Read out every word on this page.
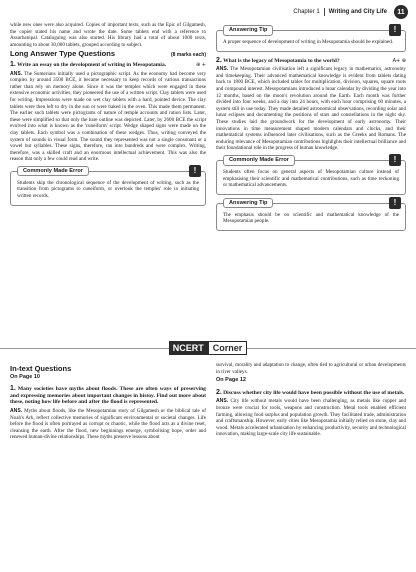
Chapter 1 Writing and City Life	11

while new ones were also acquired. Copies of important texts, such as the Epic of Gilgamesh, the copier stated his name and wrote the date. Some tablets end with a reference to Assurbanipal. Cataloguing was also started. His library had a total of about 1000 texts, amounting to about 30,000 tablets, grouped according to subject.

Long Answer Type Questions	(8 marks each)

⊕ +
1. Write an essay on the development of writing in Mesopotamia.

ANS. The Sumerians initially used a pictographic script. As the economy had become very complex by around 3500 BCE, it became necessary to keep records of various transactions rather than rely on memory alone. Since it was the temples which were engaged in these extensive economic activities, they pioneered the use of a written script. Clay tablets were used for writing. Impressions were made on wet clay tablets with a hard, pointed device. The clay tablets were then left to dry in the sun or were baked in the oven. This made them permanent. The earlier such tablets were pictograms of nature of temple accounts and ration lists. Later, these were simplified so that only the bare outline was depicted. Later, by 2600 BCE the script evolved into what is known as the 'cuneiform' script. Wedge shaped signs were made on the clay tablets. Each symbol was a combination of these wedges. Thus, writing conveyed the system of sounds in visual form. The sound they represented was not a single consonant or a vowel but syllables. These signs, therefore, ran into hundreds and were complex. Writing, therefore, was a skilled craft and an enormous intellectual achievement. This was also the reason that only a few could read and write.

Commonly Made Error	!
Students skip the chronological sequence of the development of writing, such as the transition from pictograms to cuneiform, or overlook the temples' role in initiating written records.
Answering Tip	!
A proper sequence of development of writing in Mesopotamia should be explained.

A+ ⊕
2. What is the legacy of Mesopotamia to the world?

ANS. The Mesopotamian civilisation left a significant legacy in mathematics, astronomy and timekeeping. Their advanced mathematical knowledge is evident from tablets dating back to 1800 BCE, which included tables for multiplication, division, squares, square roots and compound interest. Mesopotamians introduced a lunar calendar by dividing the year into 12 months, based on the moon's revolution around the Earth. Each month was further divided into four weeks, and a day into 24 hours, with each hour comprising 60 minutes, a system still in use today. They made detailed astronomical observations, recording solar and lunar eclipses and documenting the positions of stars and constellations in the night sky. These studies laid the groundwork for the development of early astronomy. Their innovations in time measurement shaped modern calendars and clocks, and their mathematical systems influenced later civilisations, such as the Greeks and Romans. The enduring relevance of Mesopotamian contributions highlights their intellectual brilliance and their foundational role in the progress of human knowledge.

Commonly Made Error	!
Students often focus on general aspects of Mesopotamian culture instead of emphasising their scientific and mathematical contributions, such as time reckoning or mathematical advancements.
Answering Tip	!
The emphasis should be on scientific and mathematical knowledge of the Mesopotamian people.
NCERT	Corner
In-text Questions
On Page 10

1. Many societies have myths about floods. These are often ways of preserving and expressing memories about important changes in histoy. Find out more about these, noting how life before and after the flood is represented.

ANS. Myths about floods, like the Mesopotamian story of Gilgamesh or the biblical tale of Noah's Ark, reflect collective memories of significant environmental or societal changes. Life before the flood is often portrayed as corrupt or chaotic, while the flood acts as a divine reset, cleansing the earth. After the flood, new beginnings emerge, symbolising hope, order and renewed human-divine relationships. These myths preserve lessons about

survival, morality and adaptation to change, often tied to agricultural or urban developments in river valleys.

On Page 12

2. Discuss whether city life would have been possible without the use of metals.

ANS. City life without metals would have been challenging, as metals like copper and bronze were crucial for tools, weapons and construction. Metal tools enabled efficient farming, allowing food surplus and population growth. They facilitated trade, administration and craftsmanship. However, early cities like Mesopotamia initially relied on stone, clay and wood. Metals accelerated urbanisation by enhancing productivity, security and technological innovation, making large-scale city life sustainable.
